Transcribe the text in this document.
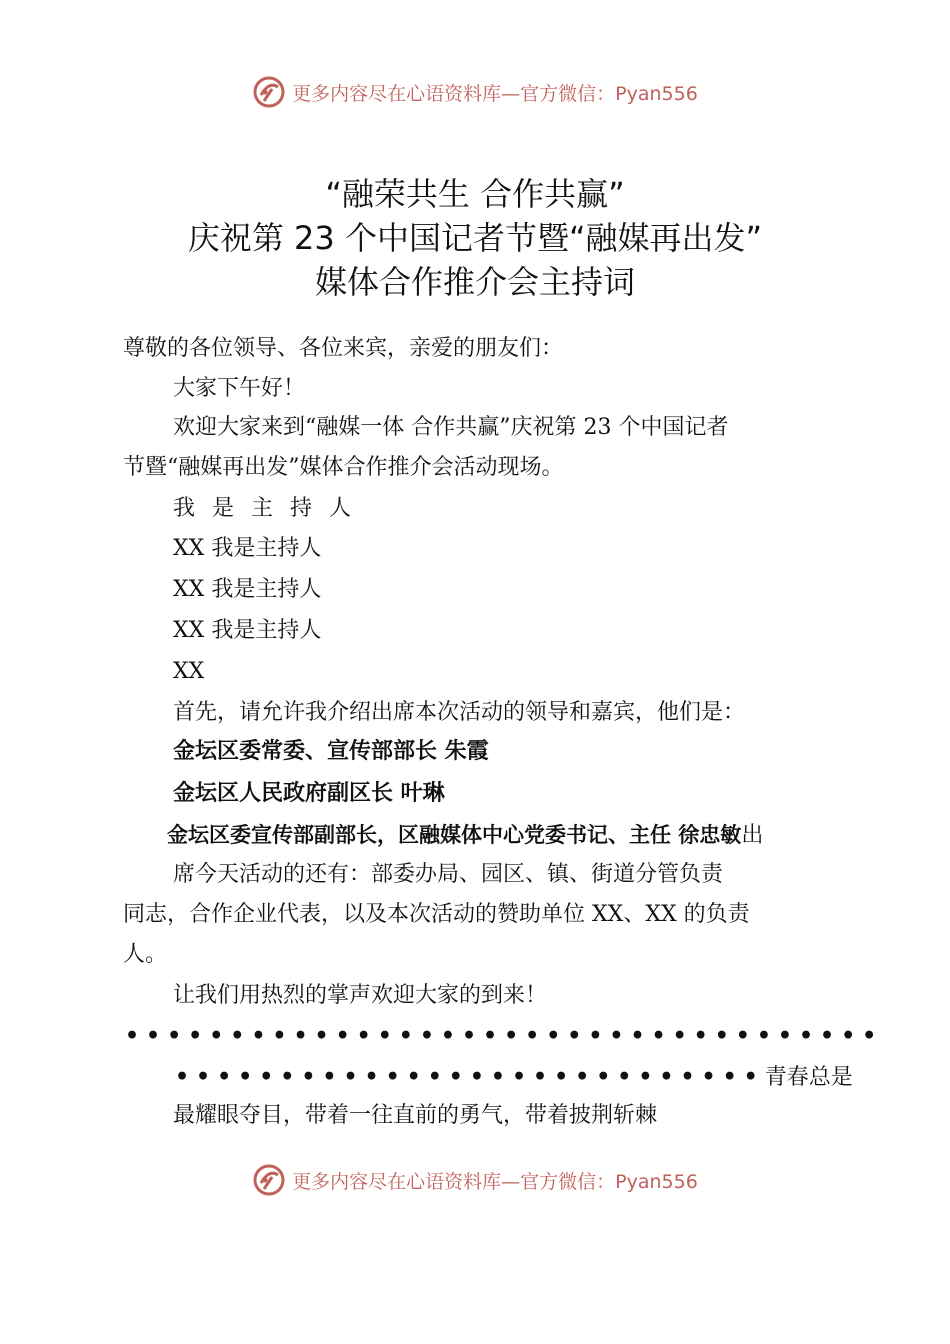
更多内容尽在心语资料库—官方微信：Pyan556
“融荣共生 合作共赢”
庆祝第 23 个中国记者节暨“融媒再出发”
媒体合作推介会主持词
尊敬的各位领导、各位来宾，亲爱的朋友们：
大家下午好！
欢迎大家来到“融媒一体 合作共赢”庆祝第 23 个中国记者
节暨“融媒再出发”媒体合作推介会活动现场。
我是主持人
XX 我是主持人
XX 我是主持人
XX 我是主持人
XX
首先，请允许我介绍出席本次活动的领导和嘉宾，他们是：
金坛区委常委、宣传部部长 朱霞
金坛区人民政府副区长 叶琳
金坛区委宣传部副部长，区融媒体中心党委书记、主任 徐忠敏出
席今天活动的还有：部委办局、园区、镇、街道分管负责
同志，合作企业代表，以及本次活动的赞助单位 XX、XX 的负责
人。
让我们用热烈的掌声欢迎大家的到来！
••••••••••••••••••••••••••••••••••••
••••••••••••••••••••••••••••青春总是
最耀眼夺目，带着一往直前的勇气，带着披荆斩棘
更多内容尽在心语资料库—官方微信：Pyan556
